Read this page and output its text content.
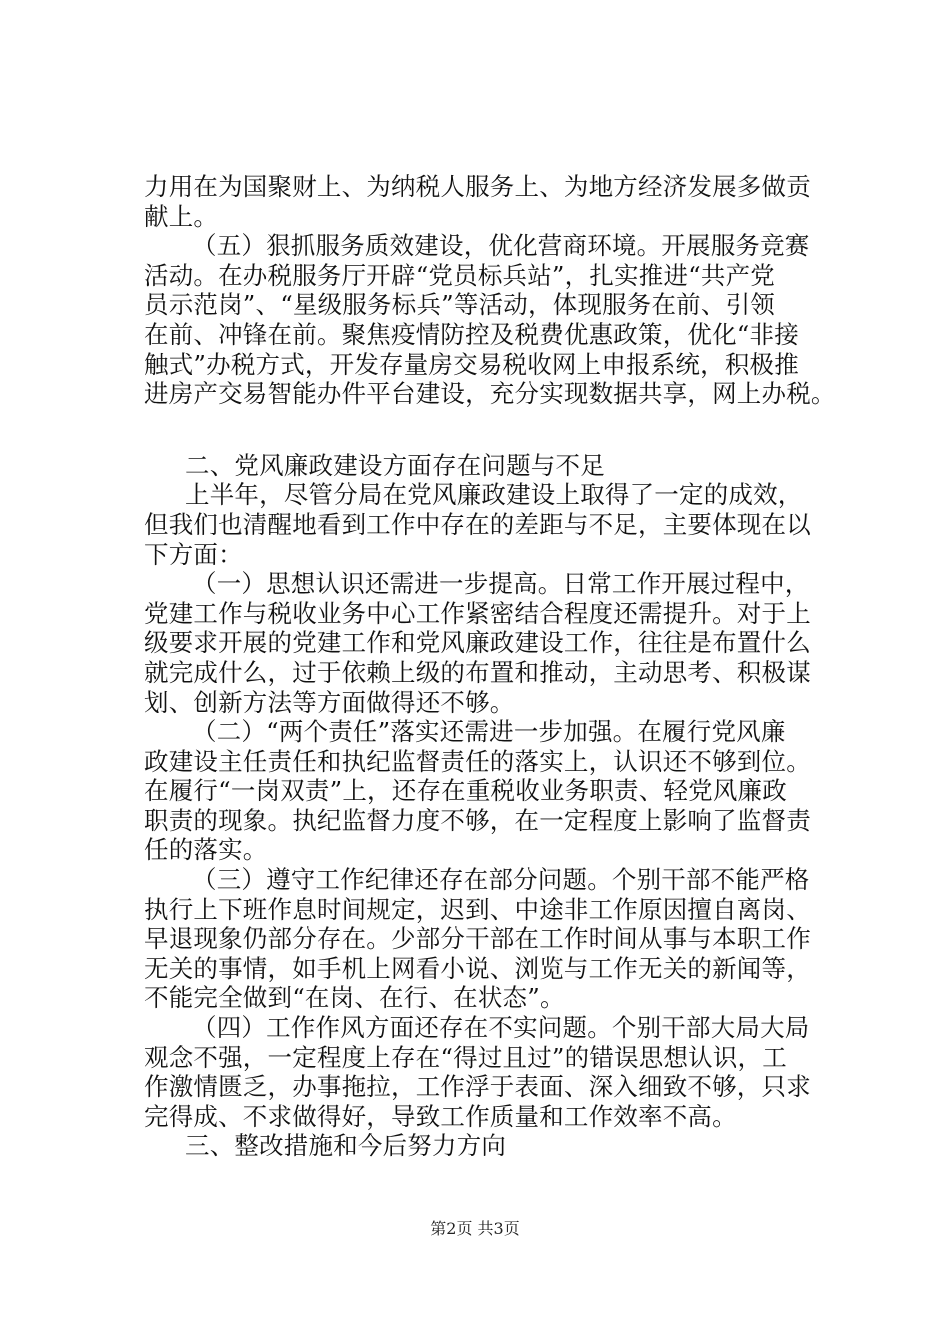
力用在为国聚财上、为纳税人服务上、为地方经济发展多做贡
献上。
（五）狠抓服务质效建设，优化营商环境。开展服务竞赛
活动。在办税服务厅开辟“党员标兵站”，扎实推进“共产党
员示范岗”、“星级服务标兵”等活动，体现服务在前、引领
在前、冲锋在前。聚焦疫情防控及税费优惠政策，优化“非接
触式”办税方式，开发存量房交易税收网上申报系统，积极推
进房产交易智能办件平台建设，充分实现数据共享，网上办税。
二、党风廉政建设方面存在问题与不足
上半年，尽管分局在党风廉政建设上取得了一定的成效，
但我们也清醒地看到工作中存在的差距与不足，主要体现在以
下方面：
（一）思想认识还需进一步提高。日常工作开展过程中，
党建工作与税收业务中心工作紧密结合程度还需提升。对于上
级要求开展的党建工作和党风廉政建设工作，往往是布置什么
就完成什么，过于依赖上级的布置和推动，主动思考、积极谋
划、创新方法等方面做得还不够。
（二）“两个责任”落实还需进一步加强。在履行党风廉
政建设主任责任和执纪监督责任的落实上，认识还不够到位。
在履行“一岗双责”上，还存在重税收业务职责、轻党风廉政
职责的现象。执纪监督力度不够，在一定程度上影响了监督责
任的落实。
（三）遵守工作纪律还存在部分问题。个别干部不能严格
执行上下班作息时间规定，迟到、中途非工作原因擅自离岗、
早退现象仍部分存在。少部分干部在工作时间从事与本职工作
无关的事情，如手机上网看小说、浏览与工作无关的新闻等，
不能完全做到“在岗、在行、在状态”。
（四）工作作风方面还存在不实问题。个别干部大局大局
观念不强，一定程度上存在“得过且过”的错误思想认识，工
作激情匮乏，办事拖拉，工作浮于表面、深入细致不够，只求
完得成、不求做得好，导致工作质量和工作效率不高。
三、整改措施和今后努力方向
第2页 共3页
